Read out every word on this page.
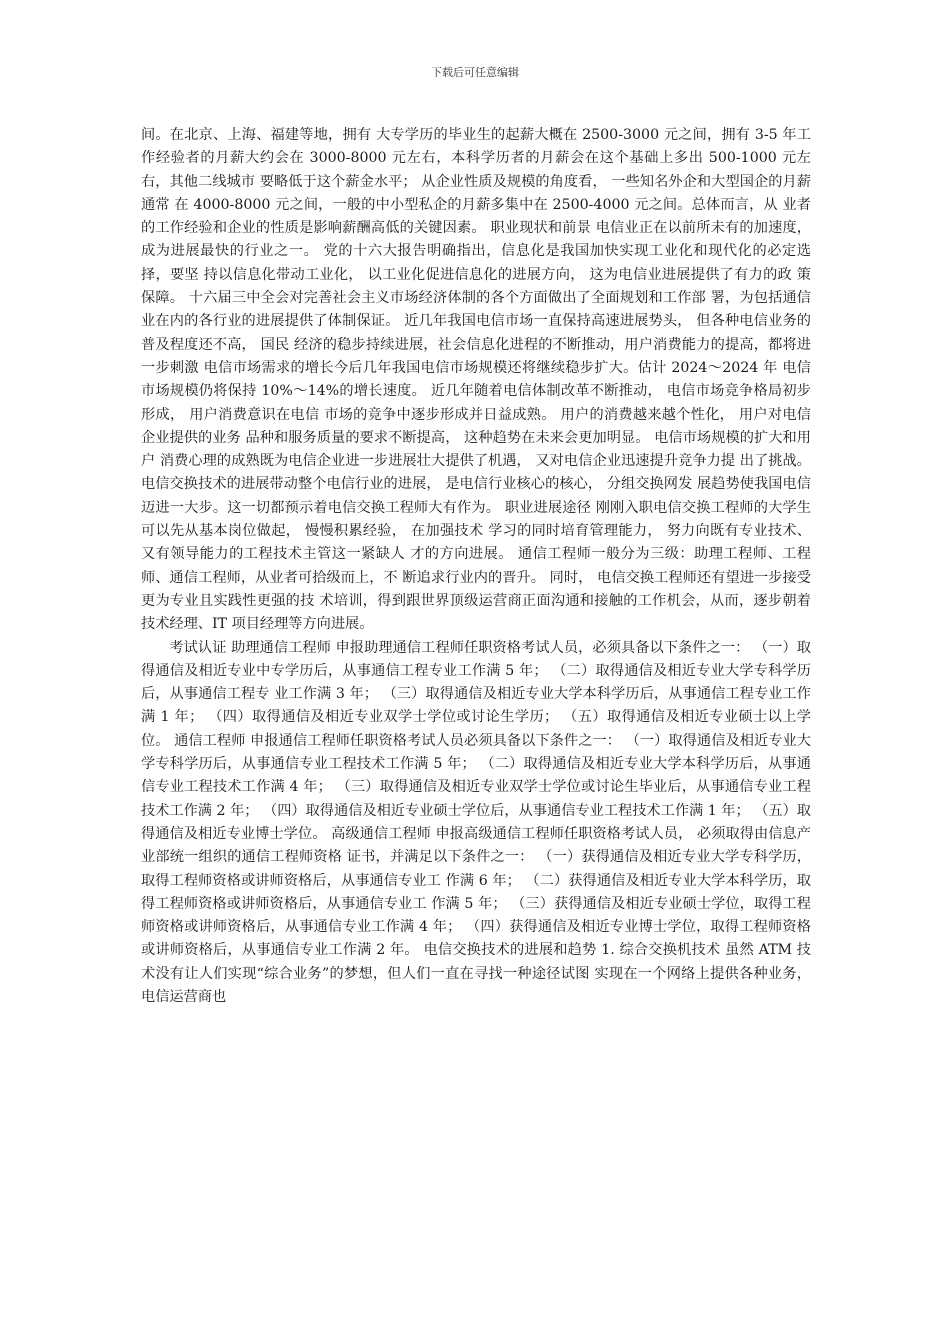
下载后可任意编辑

间。在北京、上海、福建等地，拥有 大专学历的毕业生的起薪大概在 2500-3000 元之间，拥有 3-5 年工作经验者的月薪大约会在 3000-8000 元左右，本科学历者的月薪会在这个基础上多出 500-1000 元左右，其他二线城市 要略低于这个薪金水平； 从企业性质及规模的角度看， 一些知名外企和大型国企的月薪通常 在 4000-8000 元之间，一般的中小型私企的月薪多集中在 2500-4000 元之间。总体而言，从 业者的工作经验和企业的性质是影响薪酬高低的关键因素。 职业现状和前景 电信业正在以前所未有的加速度，成为进展最快的行业之一。 党的十六大报告明确指出，信息化是我国加快实现工业化和现代化的必定选择，要坚 持以信息化带动工业化， 以工业化促进信息化的进展方向， 这为电信业进展提供了有力的政 策保障。 十六届三中全会对完善社会主义市场经济体制的各个方面做出了全面规划和工作部 署，为包括通信业在内的各行业的进展提供了体制保证。 近几年我国电信市场一直保持高速进展势头， 但各种电信业务的普及程度还不高， 国民 经济的稳步持续进展，社会信息化进程的不断推动，用户消费能力的提高，都将进一步刺激 电信市场需求的增长今后几年我国电信市场规模还将继续稳步扩大。估计 2024～2024 年 电信市场规模仍将保持 10%～14%的增长速度。 近几年随着电信体制改革不断推动， 电信市场竞争格局初步形成， 用户消费意识在电信 市场的竞争中逐步形成并日益成熟。 用户的消费越来越个性化， 用户对电信企业提供的业务 品种和服务质量的要求不断提高， 这种趋势在未来会更加明显。 电信市场规模的扩大和用户 消费心理的成熟既为电信企业进一步进展壮大提供了机遇， 又对电信企业迅速提升竞争力提 出了挑战。 电信交换技术的进展带动整个电信行业的进展， 是电信行业核心的核心， 分组交换网发 展趋势使我国电信迈进一大步。这一切都预示着电信交换工程师大有作为。 职业进展途径 刚刚入职电信交换工程师的大学生可以先从基本岗位做起， 慢慢积累经验， 在加强技术 学习的同时培育管理能力， 努力向既有专业技术、 又有领导能力的工程技术主管这一紧缺人 才的方向进展。 通信工程师一般分为三级：助理工程师、工程师、通信工程师，从业者可拾级而上，不 断追求行业内的晋升。 同时， 电信交换工程师还有望进一步接受更为专业且实践性更强的技 术培训，得到跟世界顶级运营商正面沟通和接触的工作机会，从而，逐步朝着技术经理、IT 项目经理等方向进展。

考试认证 助理通信工程师 申报助理通信工程师任职资格考试人员，必须具备以下条件之一： （一）取得通信及相近专业中专学历后，从事通信工程专业工作满 5 年； （二）取得通信及相近专业大学专科学历后，从事通信工程专 业工作满 3 年； （三）取得通信及相近专业大学本科学历后，从事通信工程专业工作满 1 年； （四）取得通信及相近专业双学士学位或讨论生学历； （五）取得通信及相近专业硕士以上学位。 通信工程师 申报通信工程师任职资格考试人员必须具备以下条件之一： （一）取得通信及相近专业大学专科学历后，从事通信专业工程技术工作满 5 年； （二）取得通信及相近专业大学本科学历后，从事通信专业工程技术工作满 4 年； （三）取得通信及相近专业双学士学位或讨论生毕业后，从事通信专业工程技术工作满 2 年； （四）取得通信及相近专业硕士学位后，从事通信专业工程技术工作满 1 年； （五）取得通信及相近专业博士学位。 高级通信工程师 申报高级通信工程师任职资格考试人员， 必须取得由信息产业部统一组织的通信工程师资格 证书，并满足以下条件之一： （一）获得通信及相近专业大学专科学历，取得工程师资格或讲师资格后，从事通信专业工 作满 6 年； （二）获得通信及相近专业大学本科学历，取得工程师资格或讲师资格后，从事通信专业工 作满 5 年； （三）获得通信及相近专业硕士学位，取得工程师资格或讲师资格后，从事通信专业工作满 4 年； （四）获得通信及相近专业博士学位，取得工程师资格或讲师资格后，从事通信专业工作满 2 年。 电信交换技术的进展和趋势 1. 综合交换机技术 虽然 ATM 技术没有让人们实现“综合业务”的梦想，但人们一直在寻找一种途径试图 实现在一个网络上提供各种业务， 电信运营商也
